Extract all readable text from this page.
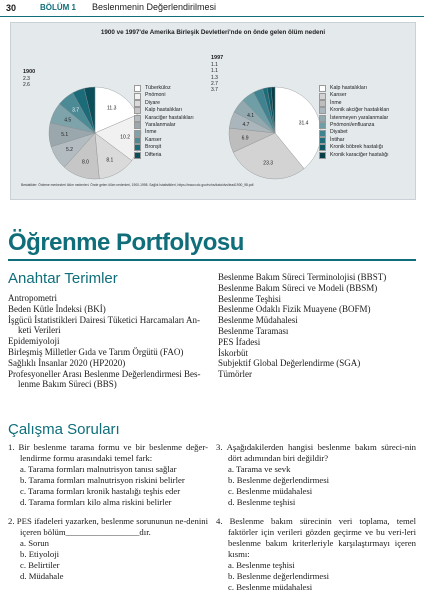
30	BÖLÜM 1 Beslenmenin Değerlendirilmesi
1900 ve 1997'de Amerika Birleşik Devletleri'nde on önde gelen ölüm nedeni
11.3
10.2
8.1
8.0
5.2
5.1
4.5
3.7
31.4
23.3
6.9
4.7
4.1
1900
2.3
2.6
1997
1.1
1.1
1.3
2.7
3.7
Tüberküloz
Pnömoni
Diyare
Kalp hastalıkları
Karaciğer hastalıkları
Yaralanmalar
İnme
Kanser
Bronşit
Difteria
Kalp hastalıkları
Kanser
İnme
Kronik akciğer hastalıkları
İstenmeyen yaralanmalar
Pnömoni/enfluanza
Diyabet
İntihar
Kronik böbrek hastalığı
Kronik karaciğer hastalığı
Bestatikler: Önleme merkezleri ölüm nedenleri. Önde gelen ölüm nedenleri, 1900-1998. Sağlık İstatistikleri, https://www.cdc.gov/nchs/data/dvs/lead1900_98.pdf.
Öğrenme Portfolyosu
Anahtar Terimler
Antropometri
Beden Kütle İndeksi (BKİ)
İşgücü İstatistikleri Dairesi Tüketici Harcamaları An-
keti Verileri
Epidemiyoloji
Birleşmiş Milletler Gıda ve Tarım Örgütü (FAO)
Sağlıklı İnsanlar 2020 (HP2020)
Profesyoneller Arası Beslenme Değerlendirmesi Bes-
lenme Bakım Süreci (BBS)
Beslenme Bakım Süreci Terminolojisi (BBST)
Beslenme Bakım Süreci ve Modeli (BBSM)
Beslenme Teşhisi
Beslenme Odaklı Fizik Muayene (BOFM)
Beslenme Müdahalesi
Beslenme Taraması
PES İfadesi
İskorbüt
Subjektif Global Değerlendirme (SGA)
Tümörler
Çalışma Soruları

1. Bir beslenme tarama formu ve bir beslenme değer-lendirme formu arasındaki temel fark:

a. Tarama formları malnutrisyon tanısı sağlar
b. Tarama formları malnutrisyon riskini belirler
c. Tarama formları kronik hastalığı teşhis eder
d. Tarama formları kilo alma riskini belirler

2. PES ifadeleri yazarken, beslenme sorununun ne-denini içeren bölüm_________________dır.

a. Sorun
b. Etiyoloji
c. Belirtiler
d. Müdahale

3. Aşağıdakilerden hangisi beslenme bakım süreci-nin dört adımından biri değildir?

a. Tarama ve sevk
b. Beslenme değerlendirmesi
c. Beslenme müdahalesi
d. Beslenme teşhisi

4. Beslenme bakım sürecinin veri toplama, temel faktörler için verileri gözden geçirme ve bu veri-leri beslenme bakım kriterleriyle karşılaştırmayı içeren kısmı:

a. Beslenme teşhisi
b. Beslenme değerlendirmesi
c. Beslenme müdahalesi
